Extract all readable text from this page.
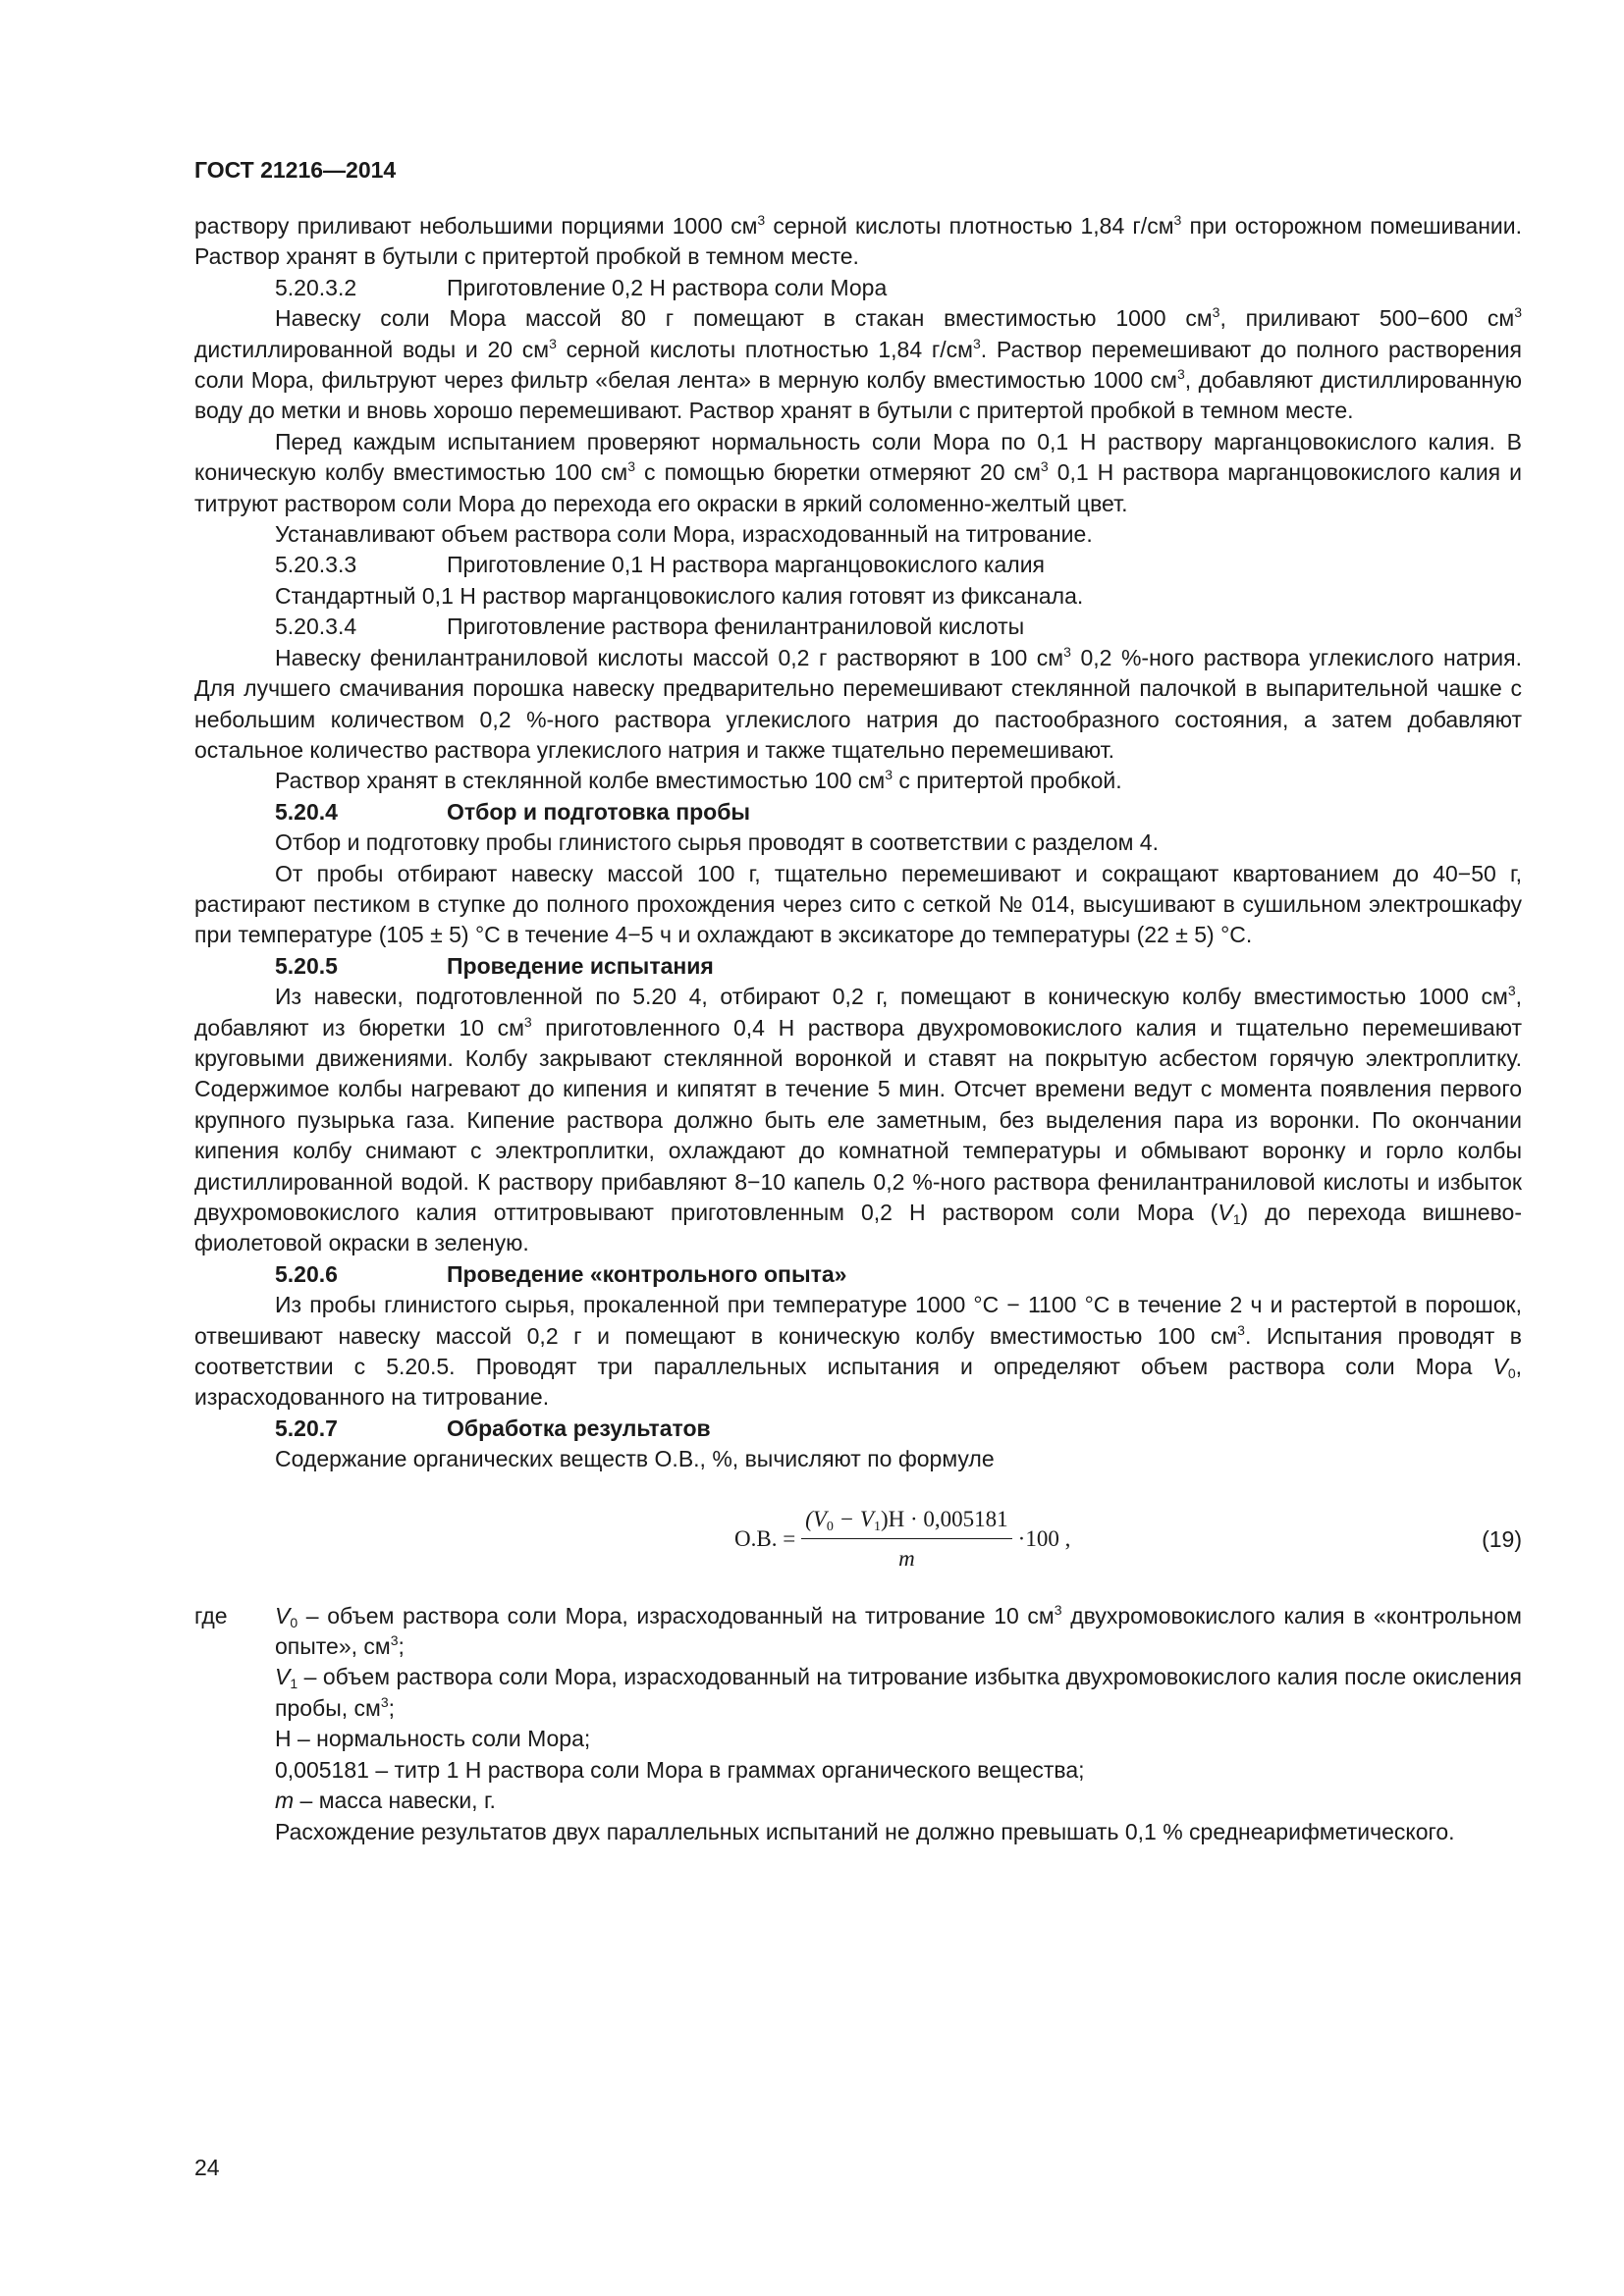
ГОСТ 21216—2014

раствору приливают небольшими порциями 1000 $см^3$ серной кислоты плотностью 1,84 $г/см^3$ при осторожном помешивании. Раствор хранят в бутыли с притертой пробкой в темном месте.

5.20.3.2	Приготовление 0,2 Н раствора соли Мора

Навеску соли Мора массой 80 г помещают в стакан вместимостью 1000 $см^3$, приливают 500−600 $см^3$ дистиллированной воды и 20 $см^3$ серной кислоты плотностью 1,84 $г/см^3$. Раствор перемешивают до полного растворения соли Мора, фильтруют через фильтр «белая лента» в мерную колбу вместимостью 1000 $см^3$, добавляют дистиллированную воду до метки и вновь хорошо перемешивают. Раствор хранят в бутыли с притертой пробкой в темном месте.

Перед каждым испытанием проверяют нормальность соли Мора по 0,1 Н раствору марганцовокислого калия. В коническую колбу вместимостью 100 $см^3$ с помощью бюретки отмеряют 20 $см^3$ 0,1 Н раствора марганцовокислого калия и титруют раствором соли Мора до перехода его окраски в яркий соломенно-желтый цвет.

Устанавливают объем раствора соли Мора, израсходованный на титрование.

5.20.3.3	Приготовление 0,1 Н раствора марганцовокислого калия

Стандартный 0,1 Н раствор марганцовокислого калия готовят из фиксанала.

5.20.3.4	Приготовление раствора фенилантраниловой кислоты

Навеску фенилантраниловой кислоты массой 0,2 г растворяют в 100 $см^3$ 0,2 %-ного раствора углекислого натрия. Для лучшего смачивания порошка навеску предварительно перемешивают стеклянной палочкой в выпарительной чашке с небольшим количеством 0,2 %-ного раствора углекислого натрия до пастообразного состояния, а затем добавляют остальное количество раствора углекислого натрия и также тщательно перемешивают.

Раствор хранят в стеклянной колбе вместимостью 100 $см^3$ с притертой пробкой.

5.20.4	Отбор и подготовка пробы

Отбор и подготовку пробы глинистого сырья проводят в соответствии с разделом 4.

От пробы отбирают навеску массой 100 г, тщательно перемешивают и сокращают квартованием до 40−50 г, растирают пестиком в ступке до полного прохождения через сито с сеткой № 014, высушивают в сушильном электрошкафу при температуре (105 ± 5) °С в течение 4−5 ч и охлаждают в эксикаторе до температуры (22 ± 5) °С.

5.20.5	Проведение испытания

Из навески, подготовленной по 5.20 4, отбирают 0,2 г, помещают в коническую колбу вместимостью 1000 $см^3$, добавляют из бюретки 10 $см^3$ приготовленного 0,4 Н раствора двухромовокислого калия и тщательно перемешивают круговыми движениями. Колбу закрывают стеклянной воронкой и ставят на покрытую асбестом горячую электроплитку. Содержимое колбы нагревают до кипения и кипятят в течение 5 мин. Отсчет времени ведут с момента появления первого крупного пузырька газа. Кипение раствора должно быть еле заметным, без выделения пара из воронки. По окончании кипения колбу снимают с электроплитки, охлаждают до комнатной температуры и обмывают воронку и горло колбы дистиллированной водой. К раствору прибавляют 8−10 капель 0,2 %-ного раствора фенилантраниловой кислоты и избыток двухромовокислого калия оттитровывают приготовленным 0,2 Н раствором соли Мора $(V_1)$ до перехода вишнево-фиолетовой окраски в зеленую.

5.20.6	Проведение «контрольного опыта»

Из пробы глинистого сырья, прокаленной при температуре 1000 °С − 1100 °С в течение 2 ч и растертой в порошок, отвешивают навеску массой 0,2 г и помещают в коническую колбу вместимостью 100 $см^3$. Испытания проводят в соответствии с 5.20.5. Проводят три параллельных испытания и определяют объем раствора соли Мора $V_0$, израсходованного на титрование.

5.20.7	Обработка результатов

Содержание органических веществ О.В., %, вычисляют по формуле

О.В. = $\frac{(V_0 - V_1)Н \cdot 0,005181}{m} \cdot 100$ ,	(19)
где $V_0$ – объем раствора соли Мора, израсходованный на титрование 10 $см^3$ двухромовокислого калия в «контрольном опыте», $см^3$;

$V_1$ – объем раствора соли Мора, израсходованный на титрование избытка двухромовокислого калия после окисления пробы, $см^3$;

Н – нормальность соли Мора;

0,005181 – титр 1 Н раствора соли Мора в граммах органического вещества;

m – масса навески, г.

Расхождение результатов двух параллельных испытаний не должно превышать 0,1 % среднеарифметического.

24
